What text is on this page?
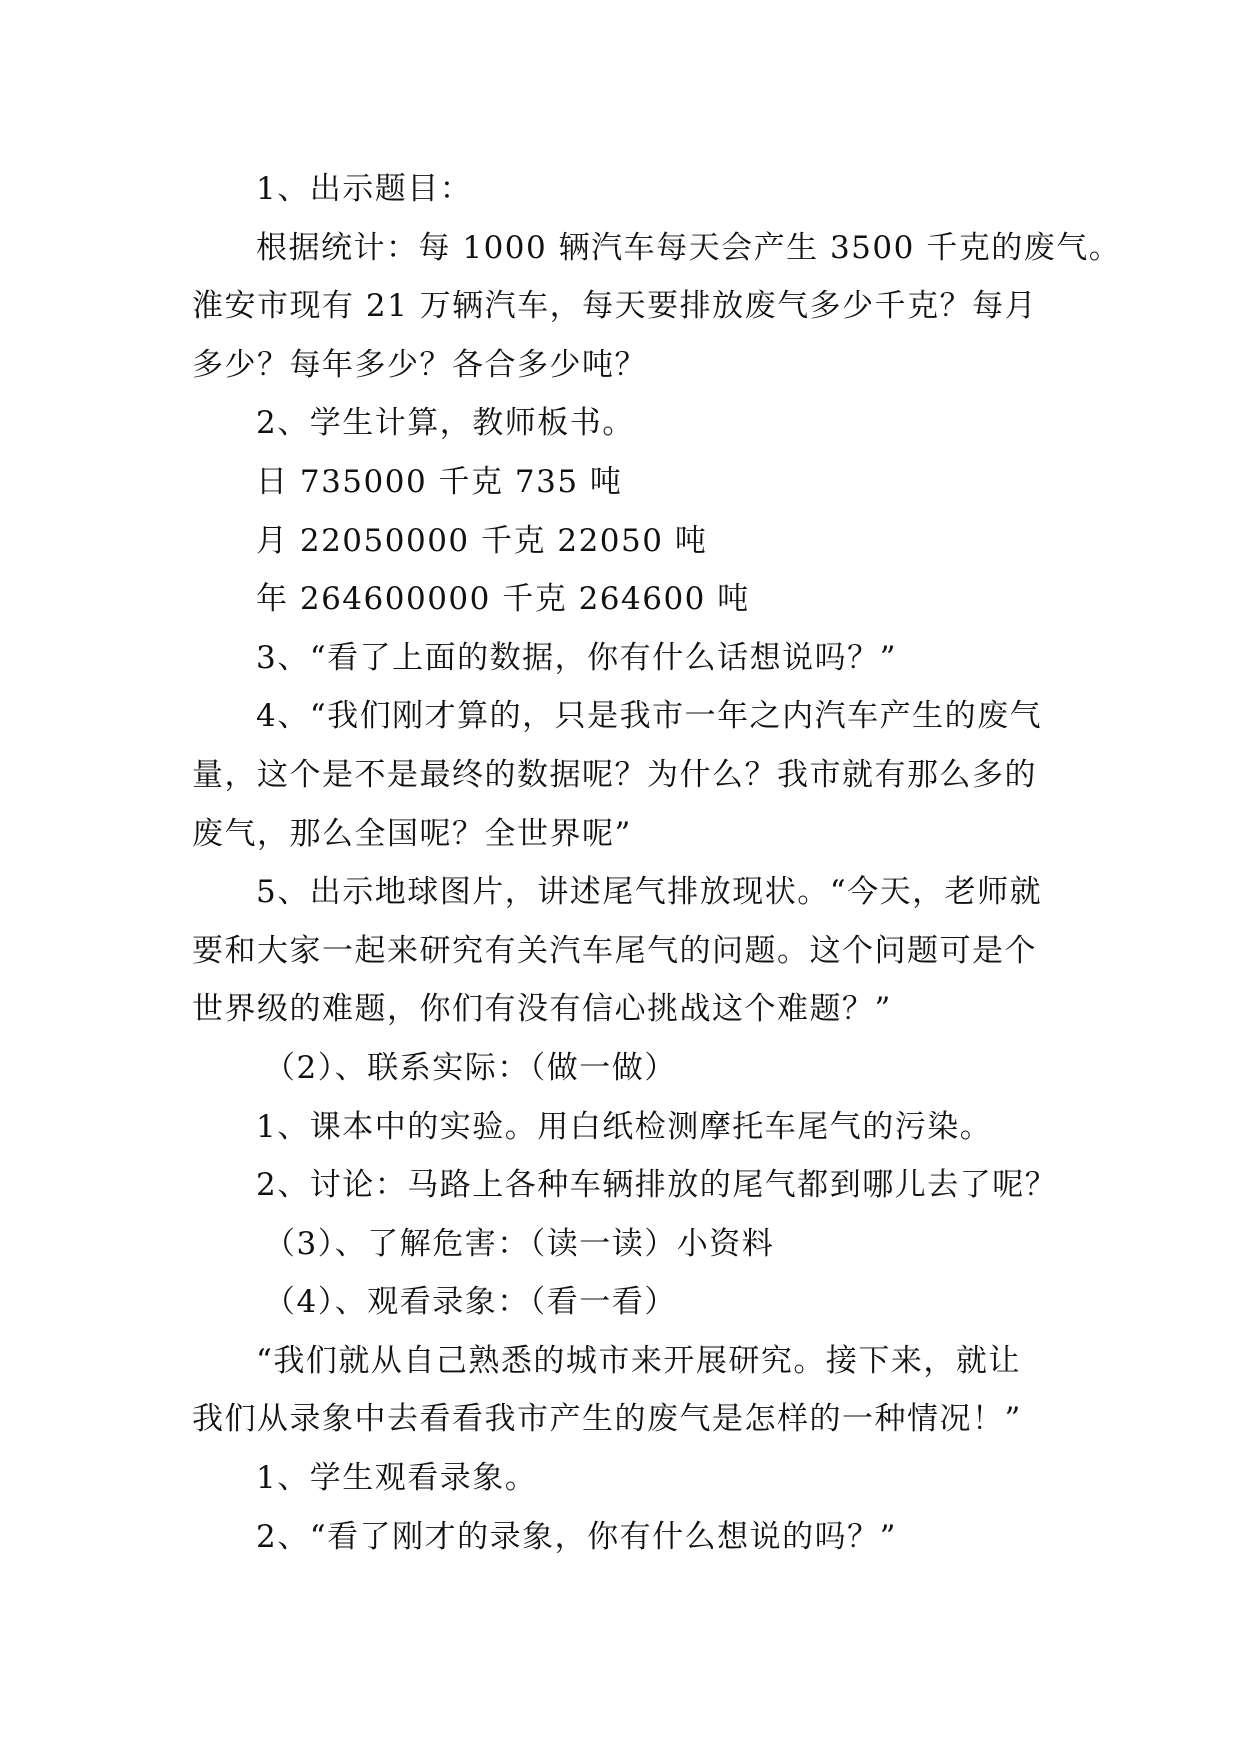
1、出示题目：
根据统计：每 1000 辆汽车每天会产生 3500 千克的废气。
淮安市现有 21 万辆汽车，每天要排放废气多少千克？每月
多少？每年多少？各合多少吨？
2、学生计算，教师板书。
日 735000 千克 735 吨
月 22050000 千克 22050 吨
年 264600000 千克 264600 吨
3、“看了上面的数据，你有什么话想说吗？”
4、“我们刚才算的，只是我市一年之内汽车产生的废气
量，这个是不是最终的数据呢？为什么？我市就有那么多的
废气，那么全国呢？全世界呢”
5、出示地球图片，讲述尾气排放现状。“今天，老师就
要和大家一起来研究有关汽车尾气的问题。这个问题可是个
世界级的难题，你们有没有信心挑战这个难题？”
（2）、联系实际：（做一做）
1、课本中的实验。用白纸检测摩托车尾气的污染。
2、讨论：马路上各种车辆排放的尾气都到哪儿去了呢？
（3）、了解危害：（读一读）小资料
（4）、观看录象：（看一看）
“我们就从自己熟悉的城市来开展研究。接下来，就让
我们从录象中去看看我市产生的废气是怎样的一种情况！”
1、学生观看录象。
2、“看了刚才的录象，你有什么想说的吗？”
